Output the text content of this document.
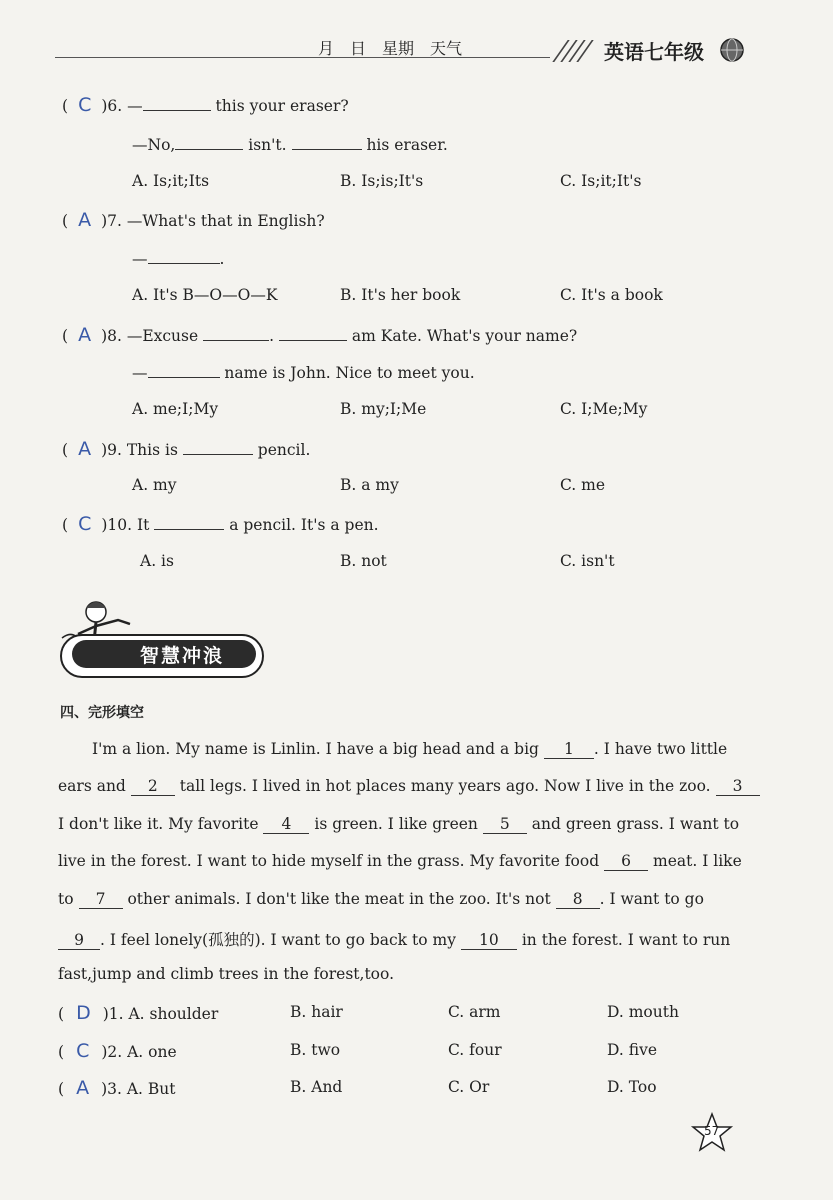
月　日　星期　天气	英语七年级
( C )6. —	this your eraser?
—No,	isn't.	his eraser.
A. Is;it;Its	B. Is;is;It's	C. Is;it;It's
( A )7. —What's that in English?
—	.
A. It's B—O—O—K	B. It's her book	C. It's a book
( A )8. —Excuse	.	am Kate. What's your name?
—	name is John. Nice to meet you.
A. me;I;My	B. my;I;Me	C. I;Me;My
( A )9. This is	pencil.
A. my	B. a my	C. me
( C )10. It	a pencil. It's a pen.
A. is	B. not	C. isn't
智慧冲浪
四、完形填空
I'm a lion. My name is Linlin. I have a big head and a big 1 . I have two little
ears and 2 tall legs. I lived in hot places many years ago. Now I live in the zoo. 3
I don't like it. My favorite 4 is green. I like green 5 and green grass. I want to
live in the forest. I want to hide myself in the grass. My favorite food 6 meat. I like
to 7 other animals. I don't like the meat in the zoo. It's not 8 . I want to go
9 . I feel lonely(孤独的). I want to go back to my 10 in the forest. I want to run
fast,jump and climb trees in the forest,too.
( D )1. A. shoulder	B. hair	C. arm	D. mouth
( C )2. A. one	B. two	C. four	D. five
( A )3. A. But	B. And	C. Or	D. Too
57
